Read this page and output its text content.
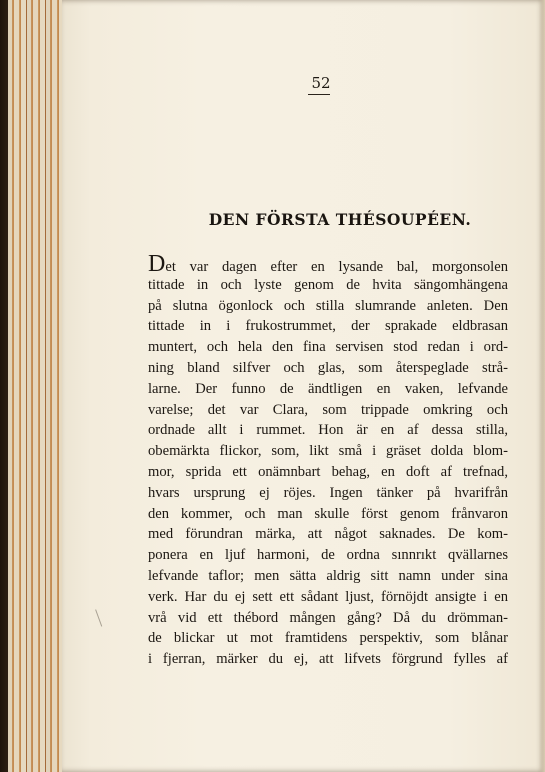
52
DEN FÖRSTA THÉSOUPÉEN.
Det var dagen efter en lysande bal, morgonsolen
tittade in och lyste genom de hvita sängomhängena
på slutna ögonlock och stilla slumrande anleten. Den
tittade in i frukostrummet, der sprakade eldbrasan
muntert, och hela den fina servisen stod redan i ord-
ning bland silfver och glas, som återspeglade strå-
larne. Der funno de ändtligen en vaken, lefvande
varelse; det var Clara, som trippade omkring och
ordnade allt i rummet. Hon är en af dessa stilla,
obemärkta flickor, som, likt små i gräset dolda blom-
mor, sprida ett onämnbart behag, en doft af trefnad,
hvars ursprung ej röjes. Ingen tänker på hvarifrån
den kommer, och man skulle först genom frånvaron
med förundran märka, att något saknades. De kom-
ponera en ljuf harmoni, de ordna sınnrıkt qvällarnes
lefvande taflor; men sätta aldrig sitt namn under sina
verk. Har du ej sett ett sådant ljust, förnöjdt ansigte i en
vrå vid ett thébord mången gång? Då du drömman-
de blickar ut mot framtidens perspektiv, som blånar
i fjerran, märker du ej, att lifvets förgrund fylles af
